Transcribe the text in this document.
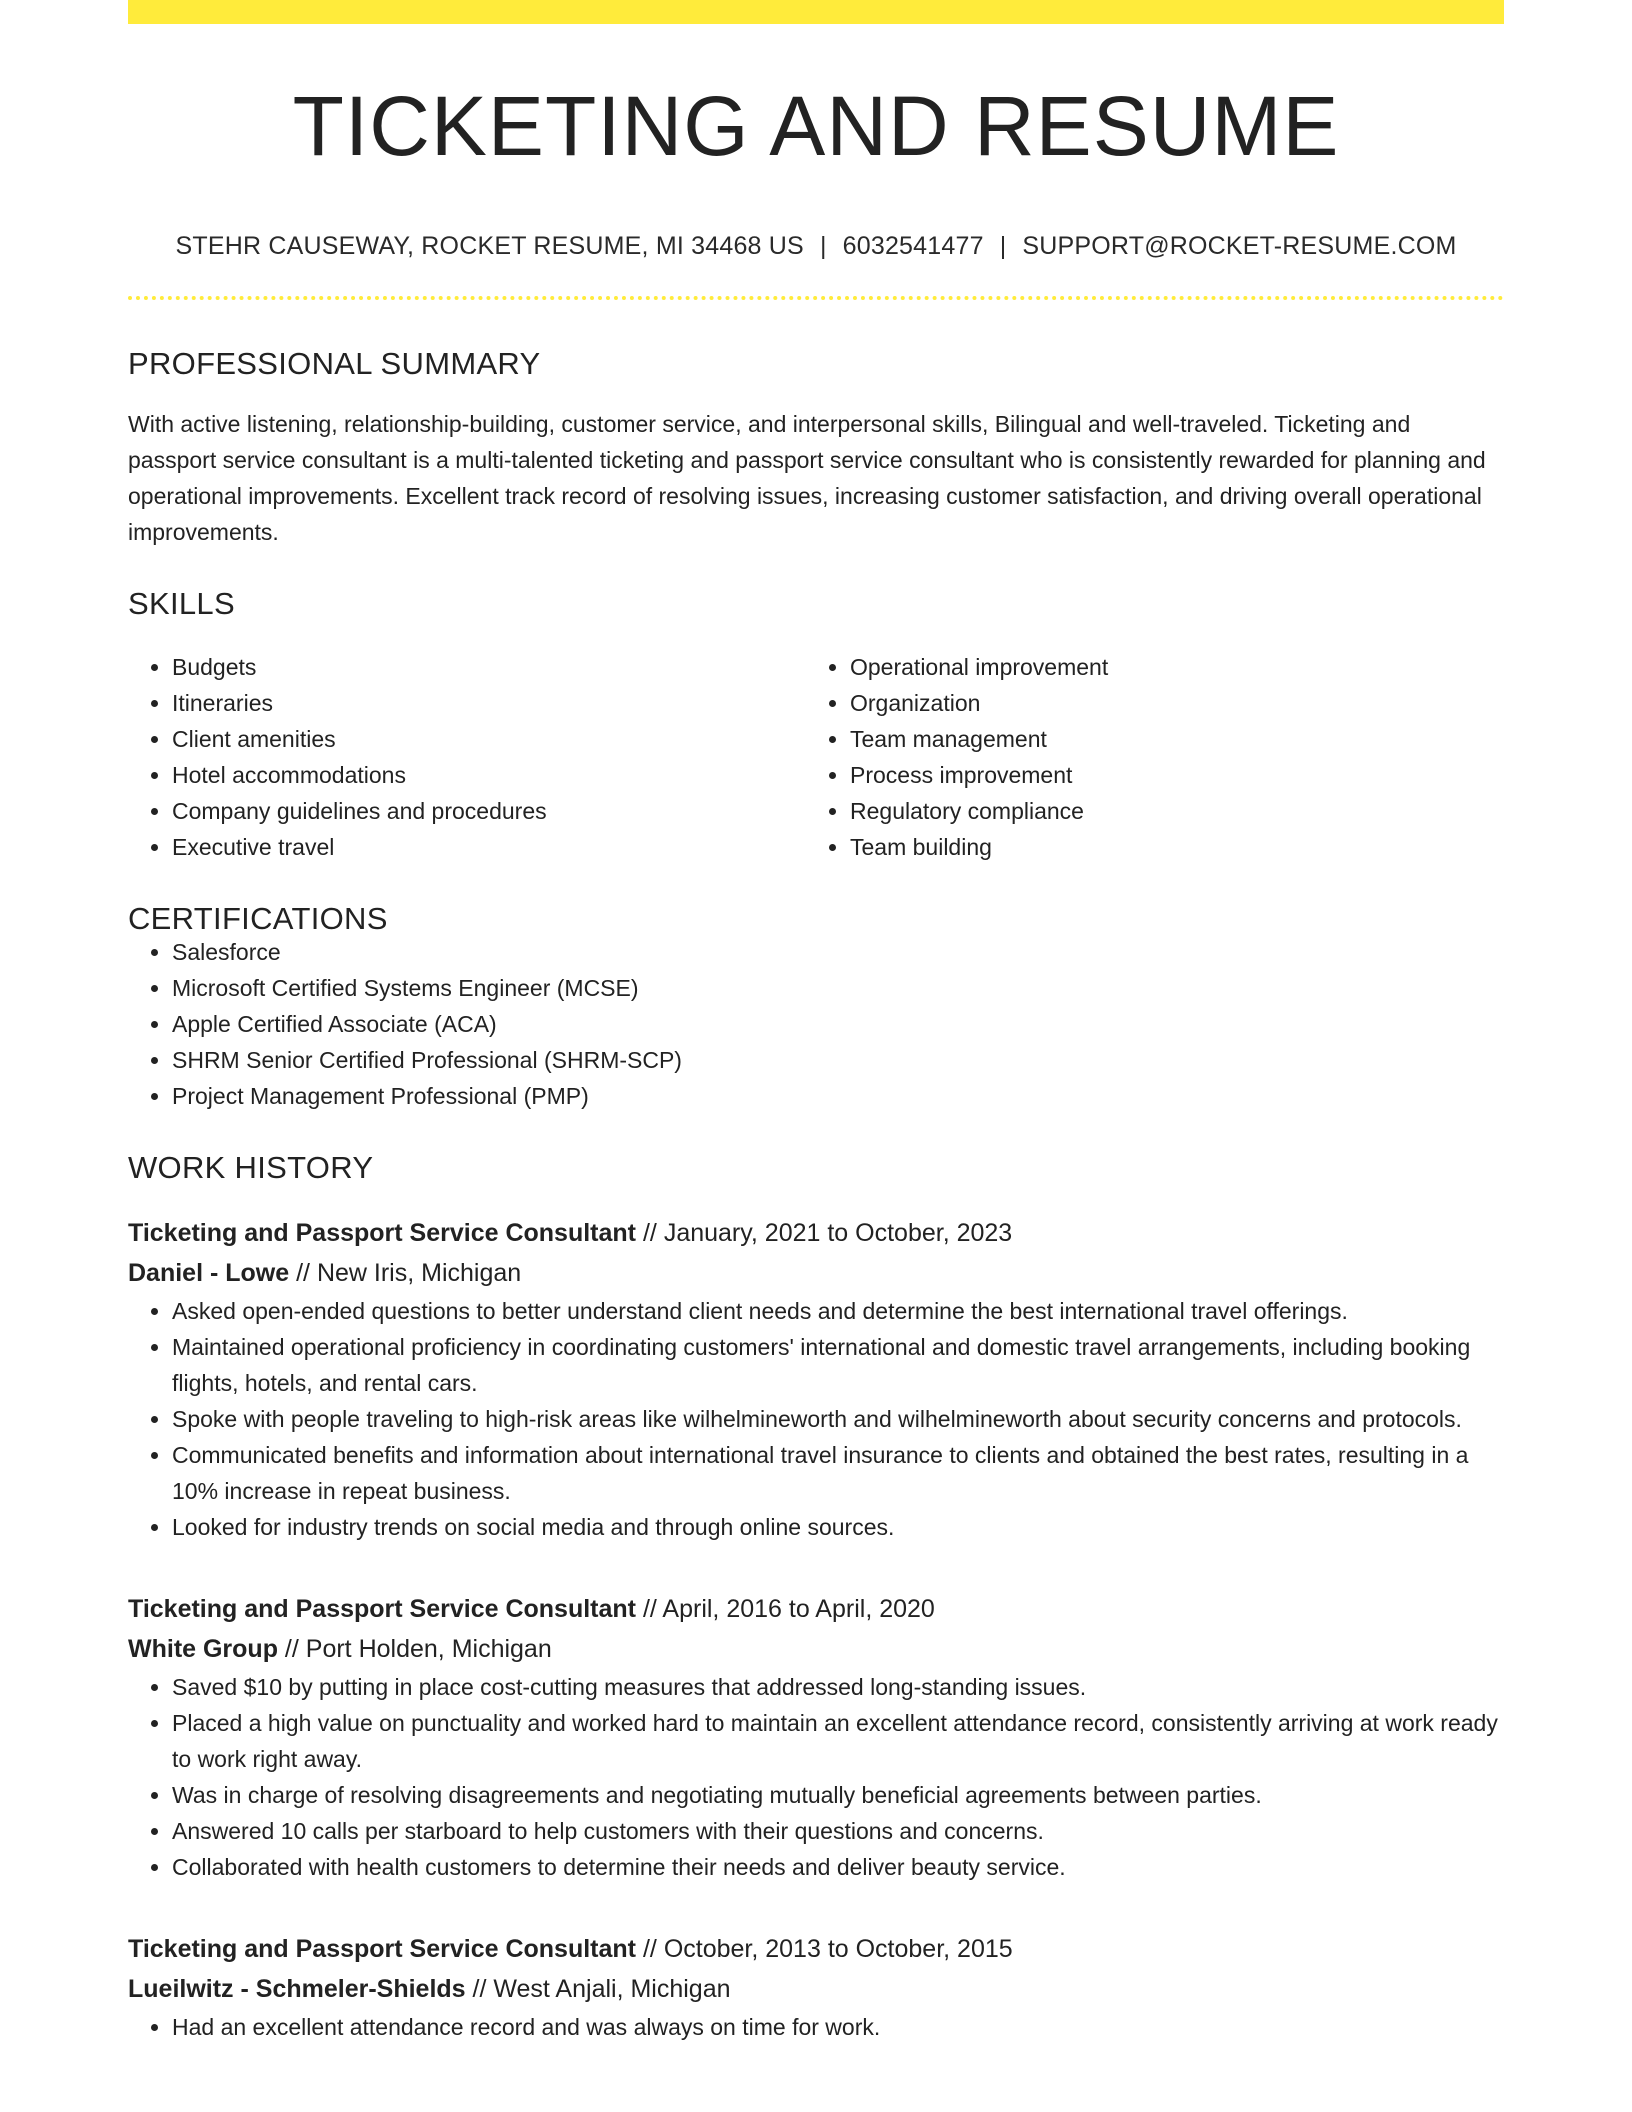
TICKETING AND RESUME
STEHR CAUSEWAY, ROCKET RESUME, MI 34468 US | 6032541477 | SUPPORT@ROCKET-RESUME.COM
PROFESSIONAL SUMMARY

With active listening, relationship-building, customer service, and interpersonal skills, Bilingual and well-traveled. Ticketing and passport service consultant is a multi-talented ticketing and passport service consultant who is consistently rewarded for planning and operational improvements. Excellent track record of resolving issues, increasing customer satisfaction, and driving overall operational improvements.

SKILLS
• Budgets
• Itineraries
• Client amenities
• Hotel accommodations
• Company guidelines and procedures
• Executive travel
• Operational improvement
• Organization
• Team management
• Process improvement
• Regulatory compliance
• Team building
CERTIFICATIONS
• Salesforce
• Microsoft Certified Systems Engineer (MCSE)
• Apple Certified Associate (ACA)
• SHRM Senior Certified Professional (SHRM-SCP)
• Project Management Professional (PMP)
WORK HISTORY
Ticketing and Passport Service Consultant // January, 2021 to October, 2023
Daniel - Lowe // New Iris, Michigan
• Asked open-ended questions to better understand client needs and determine the best international travel offerings.
• Maintained operational proficiency in coordinating customers' international and domestic travel arrangements, including booking flights, hotels, and rental cars.
• Spoke with people traveling to high-risk areas like wilhelmineworth and wilhelmineworth about security concerns and protocols.
• Communicated benefits and information about international travel insurance to clients and obtained the best rates, resulting in a 10% increase in repeat business.
• Looked for industry trends on social media and through online sources.
Ticketing and Passport Service Consultant // April, 2016 to April, 2020
White Group // Port Holden, Michigan
• Saved $10 by putting in place cost-cutting measures that addressed long-standing issues.
• Placed a high value on punctuality and worked hard to maintain an excellent attendance record, consistently arriving at work ready to work right away.
• Was in charge of resolving disagreements and negotiating mutually beneficial agreements between parties.
• Answered 10 calls per starboard to help customers with their questions and concerns.
• Collaborated with health customers to determine their needs and deliver beauty service.
Ticketing and Passport Service Consultant // October, 2013 to October, 2015
Lueilwitz - Schmeler-Shields // West Anjali, Michigan
• Had an excellent attendance record and was always on time for work.
